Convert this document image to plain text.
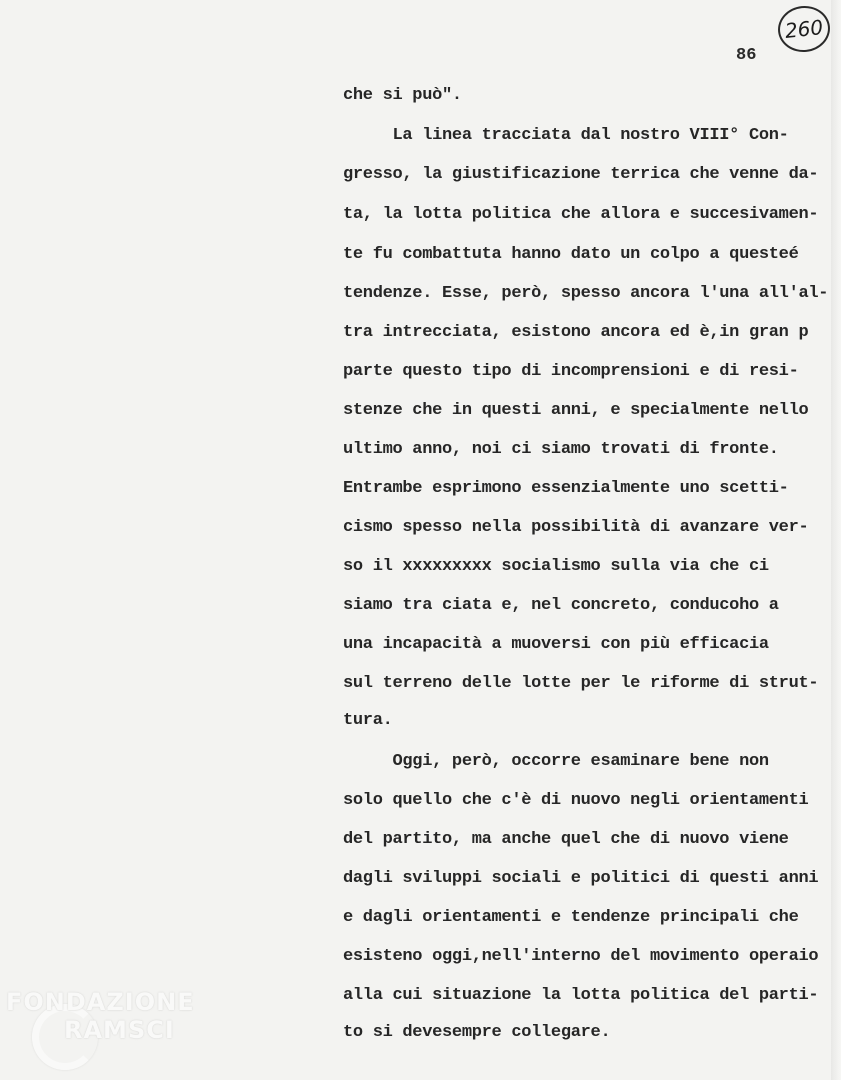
260
86
che si può".
La linea tracciata dal nostro VIII° Con-
gresso, la giustificazione terrica che venne da-
ta, la lotta politica che allora e succesivamen-
te fu combattuta hanno dato un colpo a questeé
tendenze. Esse, però, spesso ancora l'una all'al-
tra intrecciata, esistono ancora ed è,in gran p
parte questo tipo di incomprensioni e di resi-
stenze che in questi anni, e specialmente nello
ultimo anno, noi ci siamo trovati di fronte.
Entrambe esprimono essenzialmente uno scetti-
cismo spesso nella possibilità di avanzare ver-
so il xxxxxxxxx socialismo sulla via che ci
siamo tra ciata e, nel concreto, conducoho a
una incapacità a muoversi con più efficacia
sul terreno delle lotte per le riforme di strut-
tura.
Oggi, però, occorre esaminare bene non
solo quello che c'è di nuovo negli orientamenti
del partito, ma anche quel che di nuovo viene
dagli sviluppi sociali e politici di questi anni
e dagli orientamenti e tendenze principali che
esisteno oggi,nell'interno del movimento operaio
alla cui situazione la lotta politica del parti-
to si devesempre collegare.
FONDAZIONE
RAMSCI
